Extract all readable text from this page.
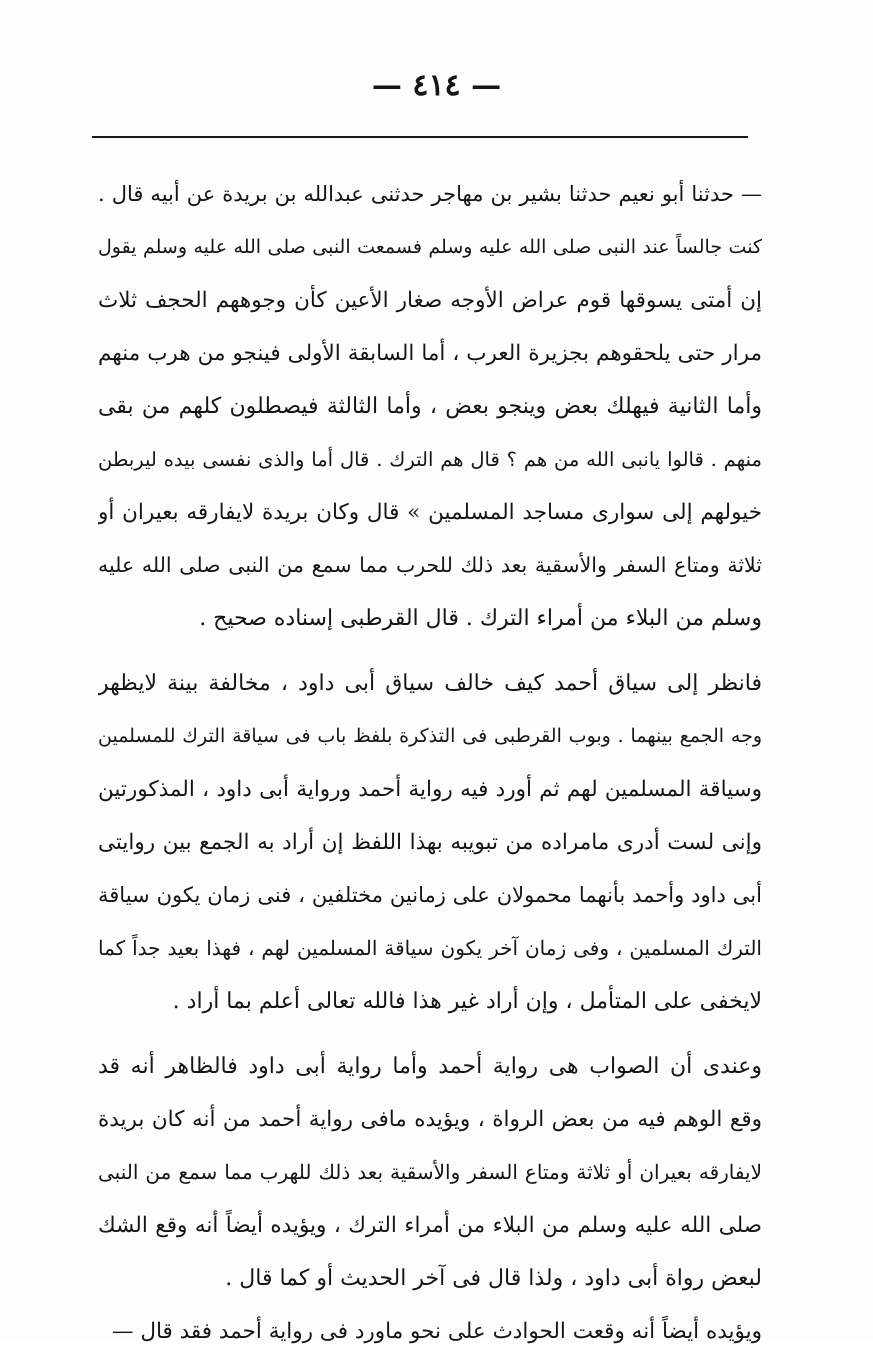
— ٤١٤ —
— حدثنا أبو نعيم حدثنا بشير بن مهاجر حدثنى عبدالله بن بريدة عن أبيه قال .
كنت جالساً عند النبى صلى الله عليه وسلم فسمعت النبى صلى الله عليه وسلم يقول
إن أمتى يسوقها قوم عراض الأوجه صغار الأعين كأن وجوههم الحجف ثلاث
مرار حتى يلحقوهم بجزيرة العرب ، أما السابقة الأولى فينجو من هرب منهم
وأما الثانية فيهلك بعض وينجو بعض ، وأما الثالثة فيصطلون كلهم من بقى
منهم . قالوا يانبى الله من هم ؟ قال هم الترك . قال أما والذى نفسى بيده ليربطن
خيولهم إلى سوارى مساجد المسلمين » قال وكان بريدة لايفارقه بعيران أو
ثلاثة ومتاع السفر والأسقية بعد ذلك للحرب مما سمع من النبى صلى الله عليه
وسلم من البلاء من أمراء الترك . قال القرطبى إسناده صحيح .
فانظر إلى سياق أحمد كيف خالف سياق أبى داود ، مخالفة بينة لايظهر
وجه الجمع بينهما . وبوب القرطبى فى التذكرة بلفظ باب فى سياقة الترك للمسلمين
وسياقة المسلمين لهم ثم أورد فيه رواية أحمد ورواية أبى داود ، المذكورتين
وإنى لست أدرى مامراده من تبويبه بهذا اللفظ إن أراد به الجمع بين روايتى
أبى داود وأحمد بأنهما محمولان على زمانين مختلفين ، فنى زمان يكون سياقة
الترك المسلمين ، وفى زمان آخر يكون سياقة المسلمين لهم ، فهذا بعيد جداً كما
لايخفى على المتأمل ، وإن أراد غير هذا فالله تعالى أعلم بما أراد .
وعندى أن الصواب هى رواية أحمد وأما رواية أبى داود فالظاهر أنه قد
وقع الوهم فيه من بعض الرواة ، ويؤيده مافى رواية أحمد من أنه كان بريدة
لايفارقه بعيران أو ثلاثة ومتاع السفر والأسقية بعد ذلك للهرب مما سمع من النبى
صلى الله عليه وسلم من البلاء من أمراء الترك ، ويؤيده أيضاً أنه وقع الشك
لبعض رواة أبى داود ، ولذا قال فى آخر الحديث أو كما قال .
ويؤيده أيضاً أنه وقعت الحوادث على نحو ماورد فى رواية أحمد فقد قال —
